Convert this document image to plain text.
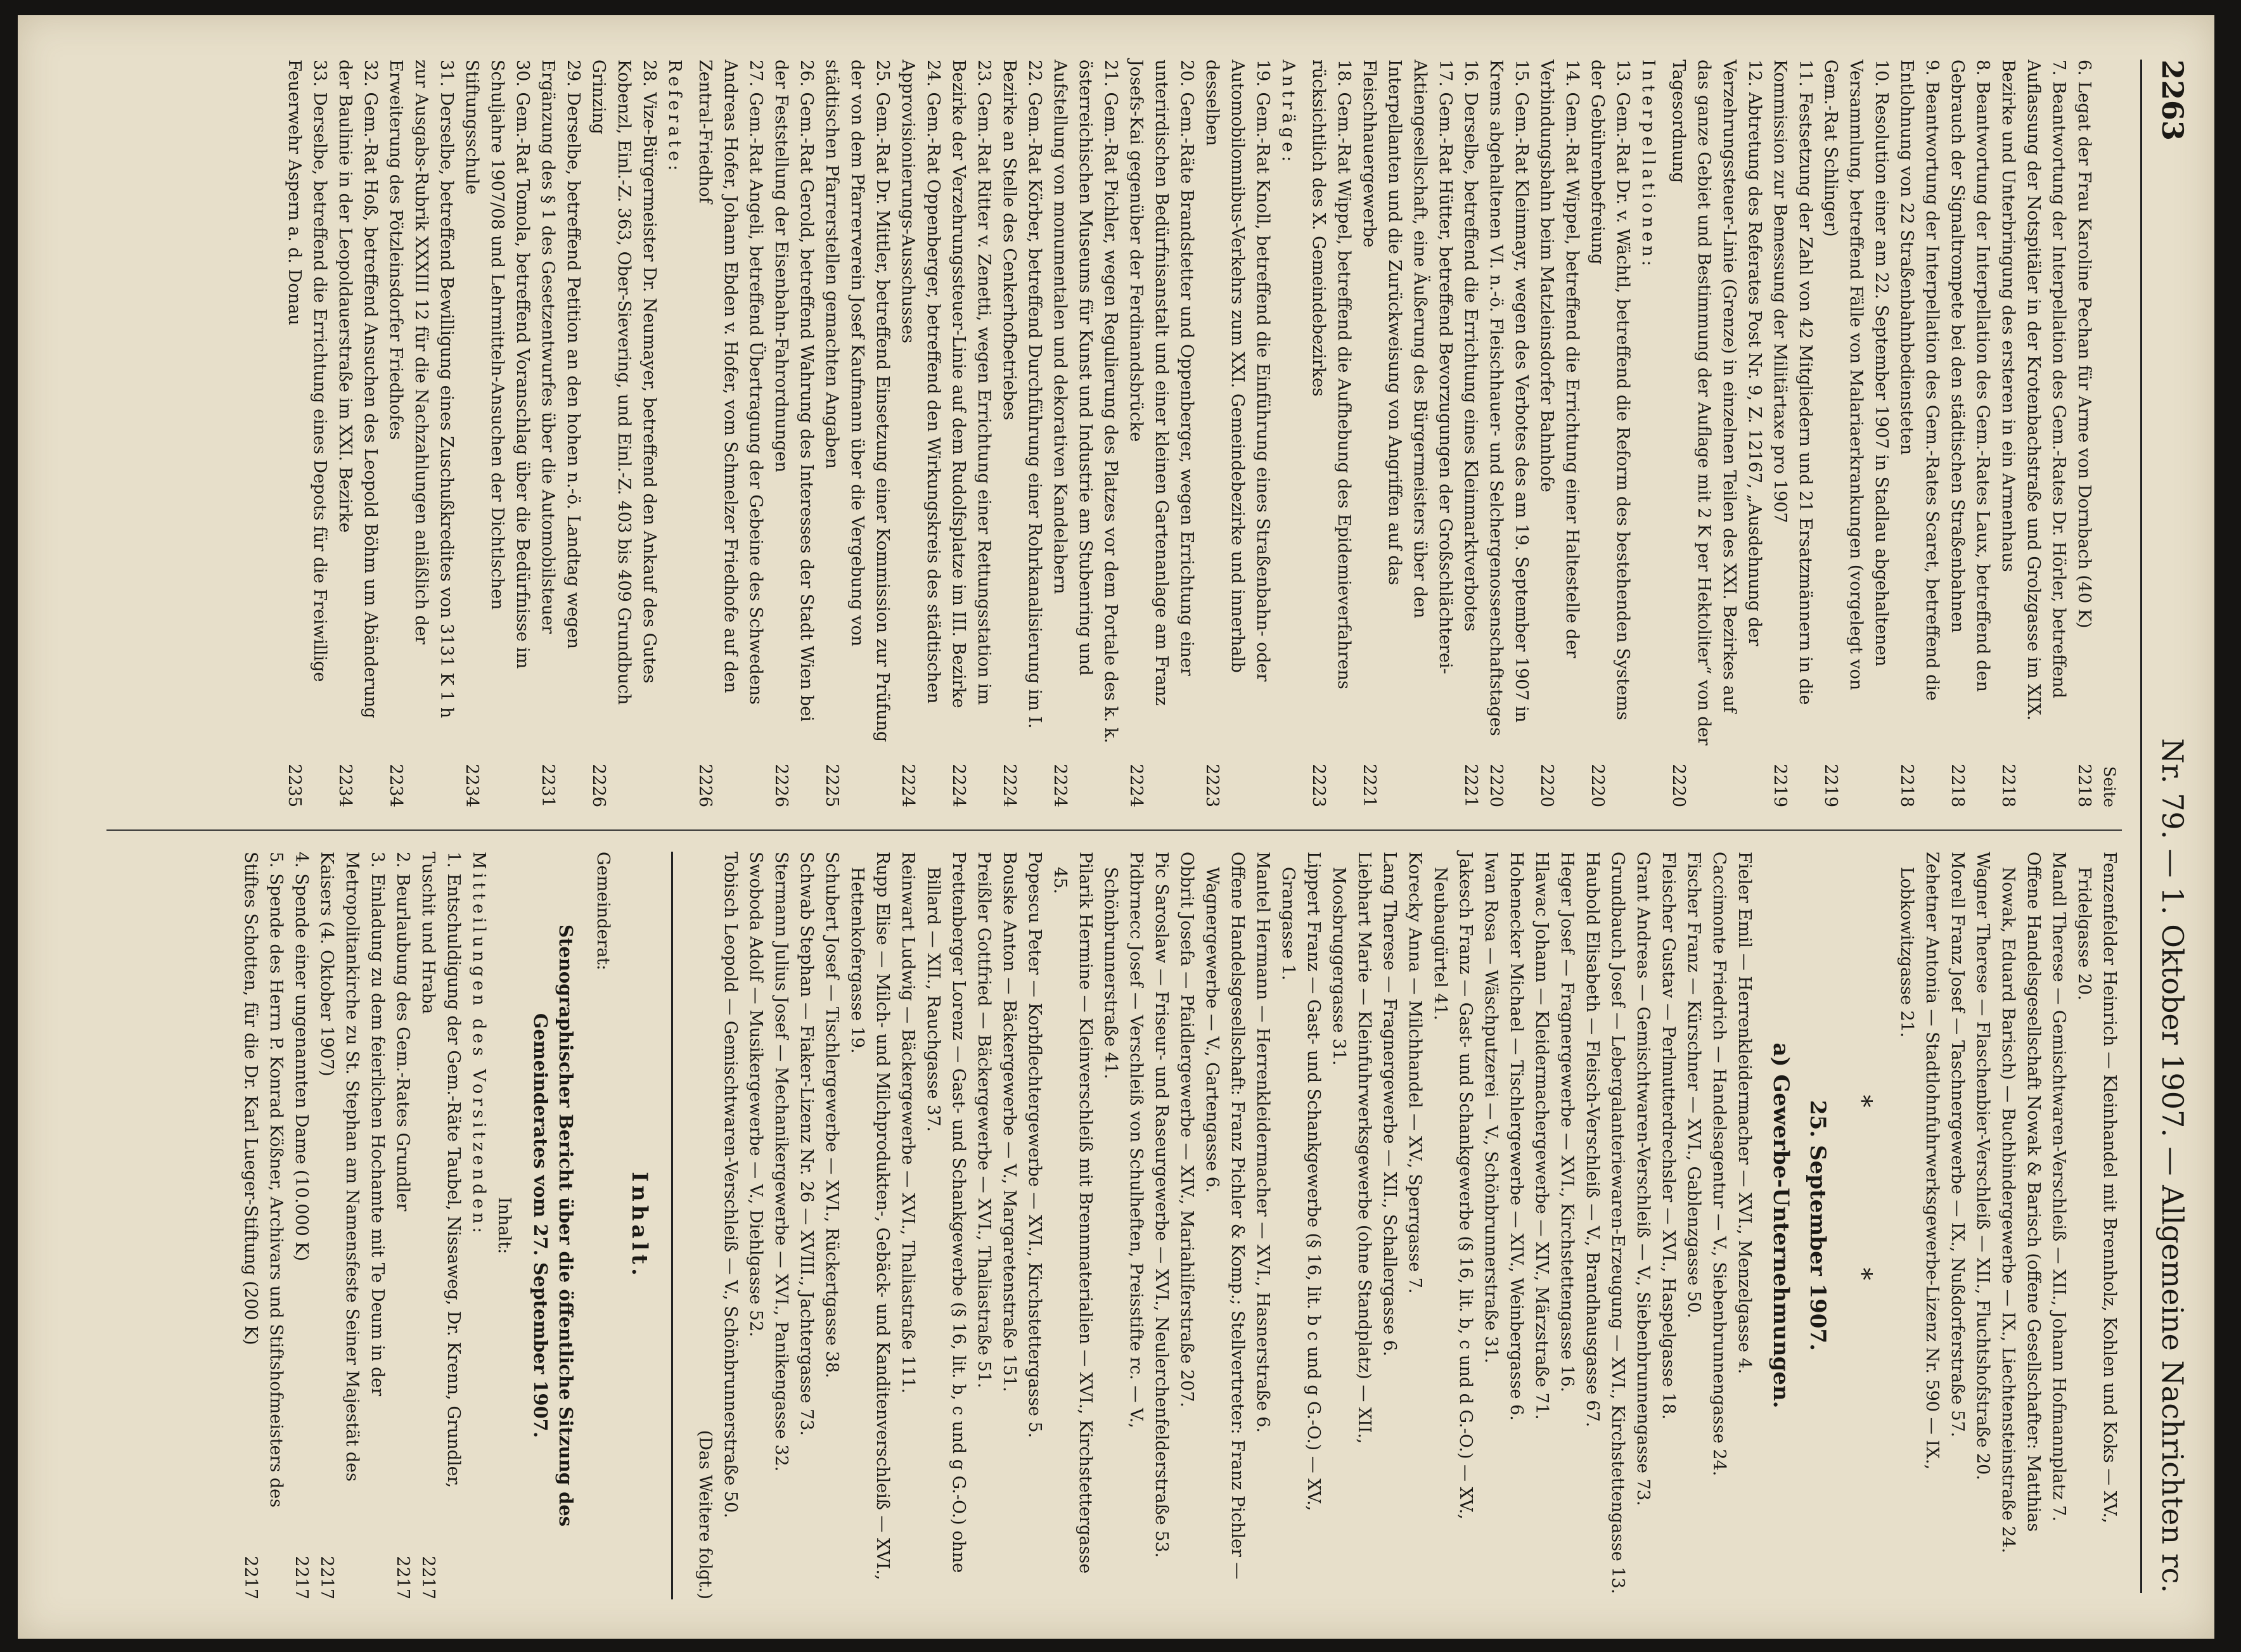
2263
Nr. 79. — 1. Oktober 1907. — Allgemeine Nachrichten rc.
Seite
6. Legat der Frau Karoline Pechan für Arme von Dornbach (40 K)
2218
7. Beantwortung der Interpellation des Gem.-Rates Dr. Hörler, betreffend Auflassung der Notspitäler in der Krotenbachstraße und Grolzgasse im XIX. Bezirke und Unterbringung des ersteren in ein Armenhaus
2218
8. Beantwortung der Interpellation des Gem.-Rates Laux, betreffend den Gebrauch der Signaltrompete bei den städtischen Straßenbahnen
2218
9. Beantwortung der Interpellation des Gem.-Rates Scaret, betreffend die Entlohnung von 22 Straßenbahnbediensteten
2218
10. Resolution einer am 22. September 1907 in Stadlau abgehaltenen Versammlung, betreffend Fälle von Malariaerkrankungen (vorgelegt von Gem.-Rat Schlinger)
2219
11. Festsetzung der Zahl von 42 Mitgliedern und 21 Ersatzmännern in die Kommission zur Bemessung der Militärtaxe pro 1907
2219
12. Abtretung des Referates Post Nr. 9, Z. 12167, „Ausdehnung der Verzehrungssteuer-Linie (Grenze) in einzelnen Teilen des XXI. Bezirkes auf das ganze Gebiet und Bestimmung der Auflage mit 2 K per Hektoliter“ von der Tagesordnung
2220
Interpellationen:
13. Gem.-Rat Dr. v. Wächtl, betreffend die Reform des bestehenden Systems der Gebührenbefreiung
2220
14. Gem.-Rat Wippel, betreffend die Errichtung einer Haltestelle der Verbindungsbahn beim Matzleinsdorfer Bahnhofe
2220
15. Gem.-Rat Kleinmayr, wegen des Verbotes des am 19. September 1907 in Krems abgehaltenen VI. n.-ö. Fleischhauer- und Selchergenossenschaftstages
2220
16. Derselbe, betreffend die Errichtung eines Kleinmarktverbotes
2221
17. Gem.-Rat Hütter, betreffend Bevorzugungen der Großschlächterei-Aktiengesellschaft, eine Äußerung des Bürgermeisters über den Interpellanten und die Zurückweisung von Angriffen auf das Fleischhauergewerbe
2221
18. Gem.-Rat Wippel, betreffend die Aufhebung des Epidemieverfahrens rücksichtlich des X. Gemeindebezirkes
2223
Anträge:
19. Gem.-Rat Knoll, betreffend die Einführung eines Straßenbahn- oder Automobilomnibus-Verkehrs zum XXI. Gemeindebezirke und innerhalb desselben
2223
20. Gem.-Räte Brandstetter und Oppenberger, wegen Errichtung einer unterirdischen Bedürfnisanstalt und einer kleinen Gartenanlage am Franz Josefs-Kai gegenüber der Ferdinandsbrücke
2224
21. Gem.-Rat Pichler, wegen Regulierung des Platzes vor dem Portale des k. k. österreichischen Museums für Kunst und Industrie am Stubenring und Aufstellung von monumentalen und dekorativen Kandelabern
2224
22. Gem.-Rat Körber, betreffend Durchführung einer Rohrkanalisierung im I. Bezirke an Stelle des Cenkerhofbetriebes
2224
23. Gem.-Rat Ritter v. Zenetti, wegen Errichtung einer Rettungsstation im Bezirke der Verzehrungssteuer-Linie auf dem Rudolfsplatze im III. Bezirke
2224
24. Gem.-Rat Oppenberger, betreffend den Wirkungskreis des städtischen Approvisionierungs-Ausschusses
2224
25. Gem.-Rat Dr. Mittler, betreffend Einsetzung einer Kommission zur Prüfung der von dem Pfarrerverein Josef Kaufmann über die Vergebung von städtischen Pfarrerstellen gemachten Angaben
2225
26. Gem.-Rat Gerold, betreffend Wahrung des Interesses der Stadt Wien bei der Feststellung der Eisenbahn-Fahrordnungen
2226
27. Gem.-Rat Angeli, betreffend Übertragung der Gebeine des Schwedens Andreas Hofer, Johann Ebden v. Hofer, vom Schmelzer Friedhofe auf den Zentral-Friedhof
2226
Referate:
28. Vize-Bürgermeister Dr. Neumayer, betreffend den Ankauf des Gutes Kobenzl, Einl.-Z. 363, Ober-Sievering, und Einl.-Z. 403 bis 409 Grundbuch Grinzing
2226
29. Derselbe, betreffend Petition an den hohen n.-ö. Landtag wegen Ergänzung des § 1 des Gesetzentwurfes über die Automobilsteuer
2231
30. Gem.-Rat Tomola, betreffend Voranschlag über die Bedürfnisse im Schuljahre 1907/08 und Lehrmitteln-Ansuchen der Dichtlschen Stiftungsschule
2234
31. Derselbe, betreffend Bewilligung eines Zuschußkredites von 3131 K 1 h zur Ausgabs-Rubrik XXXIII 12 für die Nachzahlungen anläßlich der Erweiterung des Pötzleinsdorfer Friedhofes
2234
32. Gem.-Rat Hoß, betreffend Ansuchen des Leopold Böhm um Abänderung der Baulinie in der Leopoldauerstraße im XXI. Bezirke
2234
33. Derselbe, betreffend die Errichtung eines Depots für die Freiwillige Feuerwehr Aspern a. d. Donau
2235
Fenzenfelder Heinrich — Kleinhandel mit Brennholz, Kohlen und Koks — XV., Fridelgasse 20.
Mandl Therese — Gemischtwaren-Verschleiß — XII., Johann Hofmannplatz 7.
Offene Handelsgesellschaft Nowak & Barisch (offene Gesellschafter: Matthias Nowak, Eduard Barisch) — Buchbindergewerbe — IX., Liechtensteinstraße 24.
Wagner Therese — Flaschenbier-Verschleiß — XII., Fluchtshofstraße 20.
Morell Franz Josef — Taschnergewerbe — IX., Nußdorferstraße 57.
Zehetner Antonia — Stadtlohnfuhrwerksgewerbe-Lizenz Nr. 590 — IX., Lobkowitzgasse 21.
* *
25. September 1907.
a) Gewerbe-Unternehmungen.
Fieler Emil — Herrenkleidermacher — XVI., Menzelgasse 4.
Caccimonte Friedrich — Handelsagentur — V., Siebenbrunnengasse 24.
Fischer Franz — Kürschner — XVI., Gablenzgasse 50.
Fleischer Gustav — Perlmutterdrechsler — XVI., Haspelgasse 18.
Grant Andreas — Gemischtwaren-Verschleiß — V., Siebenbrunnengasse 73.
Grundbauch Josef — Lebergalanteriewaren-Erzeugung — XVI., Kirchstettengasse 13.
Haubold Elisabeth — Fleisch-Verschleiß — V., Brandhausgasse 67.
Heger Josef — Fragnergewerbe — XVI., Kirchstettengasse 16.
Hlawac Johann — Kleidermachergewerbe — XIV., Märzstraße 71.
Hohenecker Michael — Tischlergewerbe — XIV., Weinbergasse 6.
Iwan Rosa — Wäschputzerei — V., Schönbrunnerstraße 31.
Jakesch Franz — Gast- und Schankgewerbe (§ 16, lit. b, c und d G.-O.) — XV., Neubaugürtel 41.
Korecky Anna — Milchhandel — XV., Sperrgasse 7.
Lang Therese — Fragnergewerbe — XII., Schallergasse 6.
Liebhart Marie — Kleinfuhrwerksgewerbe (ohne Standplatz) — XII., Moosbruggergasse 31.
Lippert Franz — Gast- und Schankgewerbe (§ 16, lit. b c und g G.-O.) — XV., Grangasse 1.
Mantel Hermann — Herrenkleidermacher — XVI., Hasnerstraße 6.
Offene Handelsgesellschaft: Franz Pichler & Komp.; Stellvertreter: Franz Pichler — Wagnergewerbe — V., Gartengasse 6.
Obbrit Josefa — Pfaidlergewerbe — XIV., Mariahilferstraße 207.
Pic Saroslaw — Friseur- und Raseurgewerbe — XVI., Neulerchenfelderstraße 53.
Pidbrnecc Josef — Verschleiß von Schulheften, Preisstifte rc. — V., Schönbrunnerstraße 41.
Pilarik Hermine — Kleinverschleiß mit Brennmaterialien — XVI., Kirchstettergasse 45.
Popescu Peter — Korbflechtergewerbe — XVI., Kirchstettergasse 5.
Bouske Anton — Bäckergewerbe — V., Margaretenstraße 151.
Preißler Gottfried — Bäckergewerbe — XVI., Thaliastraße 51.
Prettenberger Lorenz — Gast- und Schankgewerbe (§ 16, lit. b, c und g G.-O.) ohne Billard — XII., Rauchgasse 37.
Reinwart Ludwig — Bäckergewerbe — XVI., Thaliastraße 111.
Rupp Elise — Milch- und Milchprodukten-, Gebäck- und Kanditenverschleiß — XVI., Hettenkofergasse 19.
Schubert Josef — Tischlergewerbe — XVI., Rückertgasse 38.
Schwab Stephan — Fiaker-Lizenz Nr. 26 — XVIII., Jachtergasse 73.
Stermann Julius Josef — Mechanikergewerbe — XVI., Panikengasse 32.
Swoboda Adolf — Musikergewerbe — V., Diehlgasse 52.
Tobisch Leopold — Gemischtwaren-Verschleiß — V., Schönbrunnerstraße 50.
(Das Weitere folgt.)
Inhalt.
Gemeinderat:
Stenographischer Bericht über die öffentliche Sitzung des Gemeinderates vom 27. September 1907.
Inhalt:
Mitteilungen des Vorsitzenden:
1. Entschuldigung der Gem.-Räte Taubel, Nissaweg, Dr. Krenn, Grundler, Tuschit und Hraba
2217
2. Beurlaubung des Gem.-Rates Grundler
2217
3. Einladung zu dem feierlichen Hochamte mit Te Deum in der Metropolitankirche zu St. Stephan am Namensfeste Seiner Majestät des Kaisers (4. Oktober 1907)
2217
4. Spende einer ungenannten Dame (10.000 K)
2217
5. Spende des Herrn P. Konrad Kößner, Archivars und Stiftshofmeisters des Stiftes Schotten, für die Dr. Karl Lueger-Stiftung (200 K)
2217
